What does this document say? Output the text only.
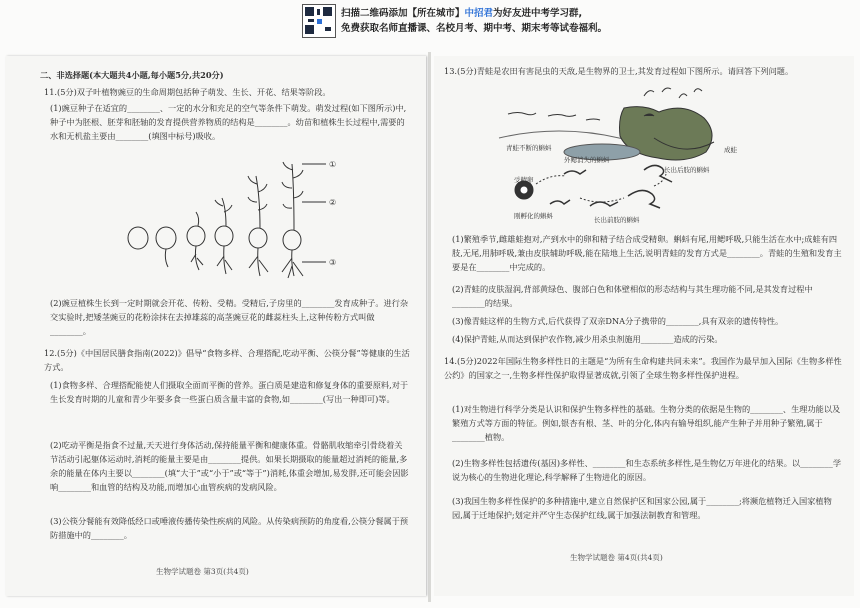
扫描二维码添加【所在城市】中招君为好友进中考学习群,
免费获取名师直播课、名校月考、期中考、期末考等试卷福利。
二、非选择题(本大题共4小题,每小题5分,共20分)
11.(5分)双子叶植物豌豆的生命周期包括种子萌发、生长、开花、结果等阶段。
(1)豌豆种子在适宜的________、一定的水分和充足的空气等条件下萌发。萌发过程(如下图所示)中,种子中为胚根、胚芽和胚轴的发育提供营养物质的结构是________。幼苗和植株生长过程中,需要的水和无机盐主要由________(填图中标号)吸收。
①
②
③
(2)豌豆植株生长到一定时期就会开花、传粉、受精。受精后,子房里的________发育成种子。进行杂交实验时,把矮茎豌豆的花粉涂抹在去掉雄蕊的高茎豌豆花的雌蕊柱头上,这种传粉方式叫做________。
12.(5分)《中国居民膳食指南(2022)》倡导“食物多样、合理搭配,吃动平衡、公筷分餐”等健康的生活方式。
(1)食物多样、合理搭配能使人们摄取全面而平衡的营养。蛋白质是建造和修复身体的重要原料,对于生长发育时期的儿童和青少年要多食一些蛋白质含量丰富的食物,如________(写出一种即可)等。
(2)吃动平衡是指食不过量,天天进行身体活动,保持能量平衡和健康体重。骨骼肌收缩牵引骨绕着关节活动引起躯体运动时,消耗的能量主要是由________提供。如果长期摄取的能量超过消耗的能量,多余的能量在体内主要以________(填“大于”或“小于”或“等于”)消耗,体重会增加,易发胖,还可能会因影响________和血管的结构及功能,而增加心血管疾病的发病风险。
(3)公筷分餐能有效降低经口或唾液传播传染性疾病的风险。从传染病预防的角度看,公筷分餐属于预防措施中的________。
生物学试题卷 第3页(共4页)
13.(5分)青蛙是农田有害昆虫的天敌,是生物界的卫士,其发育过程如下图所示。请回答下列问题。
青蛙不断的蝌蚪
外鳃消失的蝌蚪
受精卵
刚孵化的蝌蚪	长出前肢的蝌蚪
长出后肢的蝌蚪
成蛙
(1)繁殖季节,雌雄蛙抱对,产到水中的卵和精子结合成受精卵。蝌蚪有尾,用鳃呼吸,只能生活在水中;成蛙有四肢,无尾,用肺呼吸,兼由皮肤辅助呼吸,能在陆地上生活,说明青蛙的发育方式是________。青蛙的生殖和发育主要是在________中完成的。
(2)青蛙的皮肤湿润,背部黄绿色、腹部白色和体壁相似的形态结构与其生理功能不同,是其发育过程中________的结果。
(3)像青蛙这样的生物方式,后代获得了双亲DNA分子携带的________,具有双亲的遗传特性。
(4)保护青蛙,从而达到保护农作物,减少用杀虫剂施用________造成的污染。
14.(5分)2022年国际生物多样性日的主题是“为所有生命构建共同未来”。我国作为最早加入国际《生物多样性公约》的国家之一,生物多样性保护取得显著成就,引领了全球生物多样性保护进程。
(1)对生物进行科学分类是认识和保护生物多样性的基础。生物分类的依据是生物的________、生理功能以及繁殖方式等方面的特征。例如,银杏有根、茎、叶的分化,体内有输导组织,能产生种子并用种子繁殖,属于________植物。
(2)生物多样性包括遗传(基因)多样性、________和生态系统多样性,是生物亿万年进化的结果。以________学说为核心的生物进化理论,科学解释了生物进化的原因。
(3)我国生物多样性保护的多种措施中,建立自然保护区和国家公园,属于________;将濒危植物迁入国家植物园,属于迁地保护;划定并严守生态保护红线,属于加强法制教育和管理。
生物学试题卷 第4页(共4页)
